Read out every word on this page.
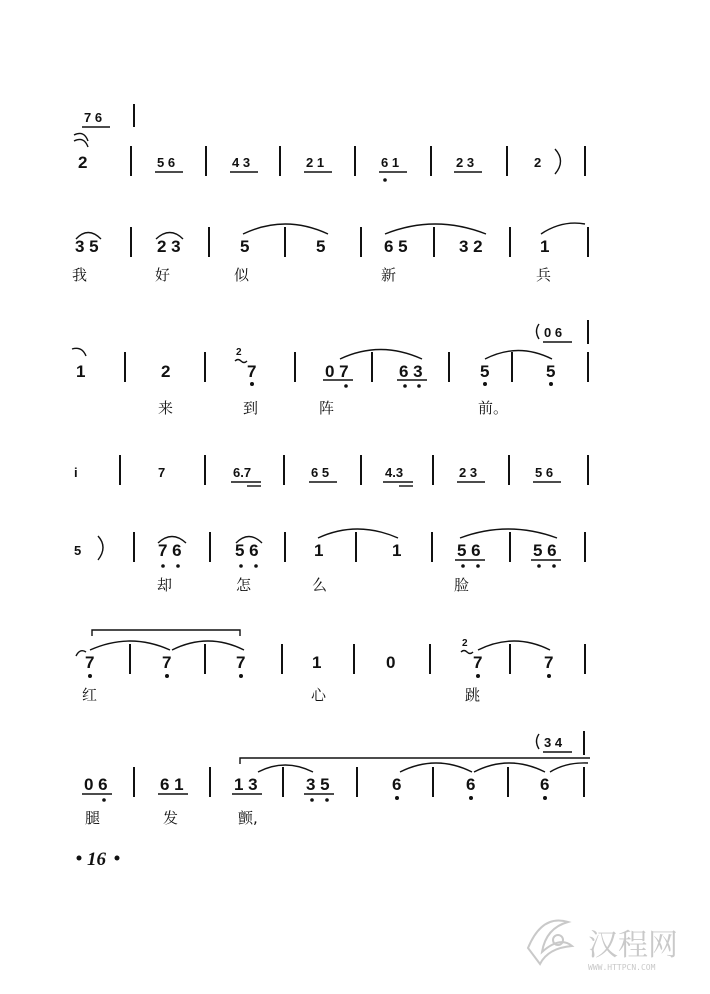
7 6
2	5 6	4 3	2 1	6 1	2 3	2
3 5	2 3	5	5	6 5	3 2	1
我	好	似	新	兵
0 6
1	2
2
7	0 7	6 3	5	5
来	到	阵	前。
i	7	6.7	6 5	4.3	2 3	5 6
5	7 6	5 6	1	1	5 6	5 6
却	怎	么	脸
7	7	7	1	0
2
7	7
红	心	跳
3 4
0 6	6 1	1 3	3 5	6	6	6
腿	发	颤,
16
汉程网
WWW.HTTPCN.COM
